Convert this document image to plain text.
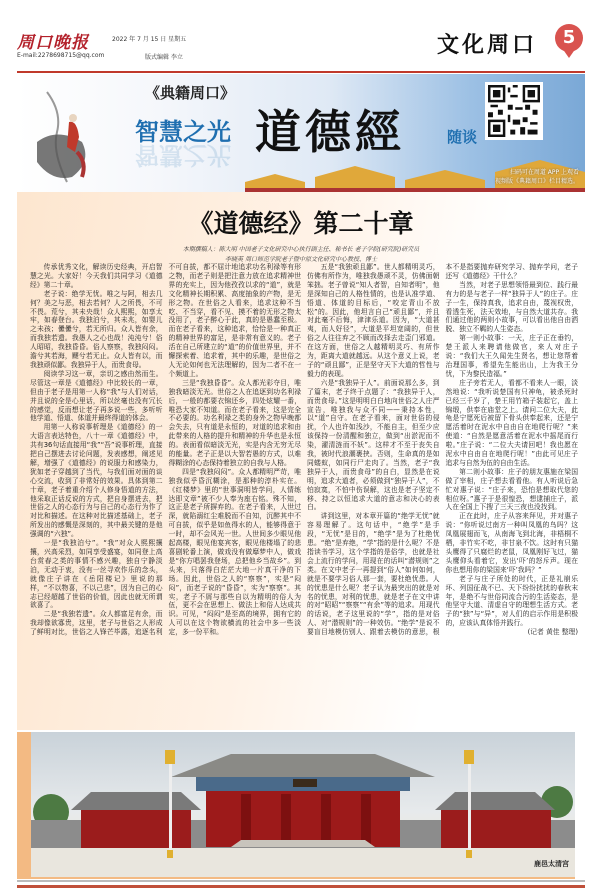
周口晚报	2022 年 7 月 15 日 星期五
E-mail:2278698715@qq.com	版式编辑 李立	文化周口	5
《典籍周口》
智慧之光
智慧之光 道德經	随谈
扫码可在周道 APP 上观看
视频版《典籍周口》栏目精选。
《道德经》第二十章
本期撰稿人：陈大明 中国老子文化研究中心执行副主任、秘书长 老子学院(研究院)研究员
李晓英 周口师范学院老子暨中原文化研究中心教授、博士

传承优秀文化，解读历史经典，开启智慧之光。大家好！今天我们共同学习《道德经》第二十章。

老子说：绝学无忧。唯之与阿，相去几何？美之与恶，相去若何？人之所畏，不可不畏。荒兮，其未央哉！众人熙熙，如享太牢，如春登台。我独泊兮，其未兆，如婴儿之未孩；儽儽兮，若无所归。众人皆有余，而我独若遗。我愚人之心也哉！沌沌兮！俗人昭昭，我独昏昏。俗人察察，我独闷闷。澹兮其若海，飂兮若无止。众人皆有以，而我独顽似鄙。我独异于人，而贵食母。

阅读学习这一章，亲切之感由然而生。尽管这一章是《道德经》中比较长的一章，但由于老子是用第一人称“我”与人们对话，并且说的全是心里话，所以丝毫也没有冗长的感觉，反而想让老子再多说一些，多听听他学道、悟道、体道并最终得道的体会。

用第一人称说事析理是《道德经》的一大语言表达特色，八十一章《道德经》中，共有36句话直接用“我”“吾”说事析理，直接把自己摆进去讨论问题，发表感想，阐述见解，增强了《道德经》的说服力和感染力，犹如老子穿越到了当代，与我们面对面的谈心交流，收到了非常好的效果。具体到第二十章，老子着重介绍个人修身悟道的方法，他采取正话反说的方式，把自身摆进去，把世俗之人的心态行为与自己的心态行为作了对比和描述。在这种对比描述基础上，老子所发出的感慨是深刻的，其中最关键的是他强调的“六独”。

一是“我独泊兮”。“我”对众人熙熙攘攘，兴高采烈，如同享受盛宴，如同登上高台赏春之类的事情不感兴趣，独自宁静淡泊，无动于衷，没有一丝寻欢作乐的念头，就像庄子讲在《岳阳楼记》里说的那样，“不以物喜，不以己悲”，因为自己的心志已经超越了世俗的价值，因此也就无所谓欲喜了。

二是“我独若遗”。众人都富足有余，而我却像欲寡贵，这里，老子与世俗之人形成了鲜明对比，世俗之人锋芒毕露，追逐名利不可自拔，都不屈计地追求功名利禄等有形之物，而老子则是把注意力放在追求精神世界的充实上，因为他孜孜以求的“道”，就是文化精神长期积累、高度抽象的产物，是无形之物。在世俗之人看来，追求这种不当吃、不当穿，看不见、摸不着的无形之物太没用了，老子醉心于此，真的是愚蠢至极。而在老子看来，这种追求，恰恰是一种真正的精神世界的富足，是非常有意义的。老子活在自己所建立的“道”的价值世界里，并不懈探索着、追求着，其中的乐趣，是世俗之人无论如何也无法理解的，因为二者不在一个频道上。

三是“我独昏昏”。众人都光彩夺目，唯独我暗淡无光。世俗之人在追逐到功名利禄后，一般的都要衣锦还乡，四处炫耀一番，唯恐大家不知道。而在老子看来，这是完全不必要的。功名利禄之类的身外之物早晚都会失去，只有道是永恒的，对道的追求和由此带来的人格的提升和精神的升华也是永恒的。表面看似暗淡无光，实是内含无穷无尽的能量。老子正是以大智若愚的方式，以难得糊涂的心态保持着独立的自我与人格。

四是“我独闷闷”。众人都精明严苛，唯独我似乎昏沉糊涂，是那种的淳朴实在。《红楼梦》里的“世事洞明皆学问，人情练达即文章”被不少人奉为座右铭。殊不知，这正是老子所摒弃的。在老子看来，人世过深，就陷溺红尘难脱而不自知，沉醉其中不可自拔，似乎是如鱼得水的人，能够得意于一时，却不会风光一世。人世间多少眼见他起高楼，眼见他宴宾客，眼见他楼塌了的悲喜剧轮番上演，做戏没有做靡梦中人，做戏是“你方唱罢我登场，总把他乡当故乡”。到头来，只落得白茫茫大地一片真干净的下场。因此，世俗之人的“察察”，实是“闷闷”，而老子说的“昏昏”，实为“察察”。其实，老子不屑与那些自以为精明的俗人为伍，更不会在思想上、做法上和俗人达成共识。可见，“闷闷”是至高的境界，拥有它的人可以在这个物欲横流的社会中多一些淡定，多一份平和。

五是“我独顽且鄙”。世人都精明灵巧，仿佛有所作为，唯独我愚顽不灵，仿佛面朝笨拙。老子曾说“知人者智，自知者明”，他是深知自己的人格性情的，也是认准学道、悟道、体道的目标后，“咬定青山不放松”的。因此，他坦言自己“顽且鄙”，并且对此毫不后悔，津津乐道。因为，“大道甚夷，而人好径”，大道是平坦宽阔的，但世俗之人往往弃之不顾而改择去走歪门邪道。在这方面，世俗之人越精明灵巧、有所作为，距离大道就越远。从这个意义上说，老子的“顽且鄙”，正是坚守天下大道的哲性与毅力的表现。

六是“我独异于人”。前面说那么多，到了篇末，老子终于点题了：“我独异于人，而贵食母。”这是明明白白地向世俗之人庄严宣告，唯独我与众不同——秉持本性，以“道”自守。在老子看来，面对世俗的侵扰，个人也许如浅沙，不能自主，但至少应该保持一份清醒和独立，做到“出淤泥而不染，濯清涟而不妖”。这样才不至于丧失自我，被时代浪潮裹挟。否则，生命真的是如同蝼蚁，如同行尸走肉了。当然，老子“我独异于人，而贵食母”的自白，显然是在说明，追求大道者，必须做到“独异于人”，不怕寂寞，不怕中伤误解，这也是老子坚定不移、持之以恒追求大道的意志和决心的表白。

讲到这里，对本章开篇的“绝学无忧”就容易理解了。这句话中，“绝学”是手段，“无忧”是目的，“绝学”是为了杜绝忧患。“绝”是弃绝，“学”指的是什么呢？不是指读书学习，这个学指的是俗学，也就是社会上流行的学问，用现在的话叫“潜规则”之类。在文中老子一再提到“俗人”如何如何，就是不要学习俗人那一套，要杜绝忧患。人的忧患是什么呢？老子认为最突出的就是对名的忧患，对利的忧患，就是老子在文中讲的对“昭昭”“察察”“有余”等的追求。用现代的话说，老子这里说的“学”，指的是对俗人、对“潜规则”的一种效仿。“绝学”是说不要盲目地模仿别人、跟着去模仿的意思，根本不是指要抛弃研究学习、抛弃学问，老子还写《道德经》干什么？

当然，对老子思想领悟最到位、践行最有力的是与老子一样“独异于人”的庄子。庄子一生，保持真我，追求自由，蔑视权贵，看透生死，法天效地，与自然大道共存。我们通过他的两则小故事，可以看出他自由洒脱、独立不羁的人生姿态。

第一则小故事：一天，庄子正在垂钓，楚王派人来聘请他做官，来人对庄子说：“我们大王久闻先生贤名，想让您帮着治理国事，希望先生能出山，上为我王分忧，下为黎民造福。”

庄子旁若无人，看都不看来人一眼，淡然地说：“我听说楚国有只神龟，被杀死时已经三千岁了，楚王用竹箱子装起它，盖上锦缎，供奉在庙堂之上。请问二位大夫，此龟是宁愿死后被留下骨头供奉起来，还是宁愿活着时在泥水中自由自在地爬行呢？”来使道：“自然是愿意活着在泥水中摇尾而行啦。”庄子说：“二位大夫请回吧！我也愿在泥水中自由自在地爬行呢！”由此可见庄子追求与自然为伍的自由生活。

第二则小故事：庄子的朋友惠施在梁国做了宰相，庄子想去看看他。有人听说后急忙对惠子说：“庄子来，恐怕是想取代您的相位呀。”惠子于是很惶恐，想逮捕庄子，派人在全国上下搜了三天三夜也没找到。

正在此时，庄子从容来拜见，并对惠子说：“你听说过南方一种叫凤凰的鸟吗？这凤凰展翅而飞，从南海飞到北海，非梧桐不栖，非竹实不吃，非甘泉不饮。这时有只猫头鹰得了只腐烂的老鼠，凤凰刚好飞过，猫头鹰仰头看着它，发出‘吓’的怒斥声。现在你也想用你的梁国来‘吓’我吗？”

老子与庄子所处的时代，正是礼崩乐坏、列国征战不已、天下纷纷扰扰的春秋末年，是绝不与世俗同流合污的生活姿态，是他坚守大道、清虚自守的理想生活方式。老子的“独”与“异”，对人们的启示作用是积极的，应该认真体悟并践行。

(记者 黄佳 整理)

鹿邑太清宫
